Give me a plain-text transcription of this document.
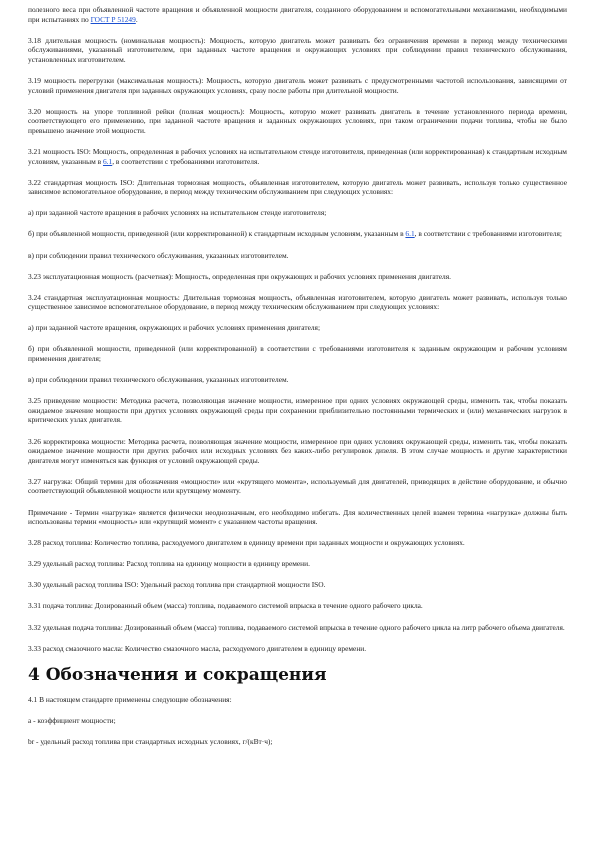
полезного веса при объявленной частоте вращения и объявленной мощности двигателя, созданного оборудованием и вспомогательными механизмами, необходимыми при испытаниях по ГОСТ Р 51249.

3.18 длительная мощность (номинальная мощность): Мощность, которую двигатель может развивать без ограничения времени в период между техническими обслуживаниями, указанный изготовителем, при заданных частоте вращения и окружающих условиях при соблюдении правил технического обслуживания, установленных изготовителем.

3.19 мощность перегрузки (максимальная мощность): Мощность, которую двигатель может развивать с предусмотренными частотой использования, зависящими от условий применения двигателя при заданных окружающих условиях, сразу после работы при длительной мощности.

3.20 мощность на упоре топливной рейки (полная мощность): Мощность, которую может развивать двигатель в течение установленного периода времени, соответствующего его применению, при заданной частоте вращения и заданных окружающих условиях, при таком ограничении подачи топлива, чтобы не было превышено значение этой мощности.

3.21 мощность ISO: Мощность, определенная в рабочих условиях на испытательном стенде изготовителя, приведенная (или корректированная) к стандартным исходным условиям, указанным в 6.1, в соответствии с требованиями изготовителя.

3.22 стандартная мощность ISO: Длительная тормозная мощность, объявленная изготовителем, которую двигатель может развивать, используя только существенное зависимое вспомогательное оборудование, в период между техническим обслуживанием при следующих условиях:

а) при заданной частоте вращения в рабочих условиях на испытательном стенде изготовителя;

б) при объявленной мощности, приведенной (или корректированной) к стандартным исходным условиям, указанным в 6.1, в соответствии с требованиями изготовителя;

в) при соблюдении правил технического обслуживания, указанных изготовителем.

3.23 эксплуатационная мощность (расчетная): Мощность, определенная при окружающих и рабочих условиях применения двигателя.

3.24 стандартная эксплуатационная мощность: Длительная тормозная мощность, объявленная изготовителем, которую двигатель может развивать, используя только существенное зависимое вспомогательное оборудование, в период между техническим обслуживанием при следующих условиях:

а) при заданной частоте вращения, окружающих и рабочих условиях применения двигателя;

б) при объявленной мощности, приведенной (или корректированной) в соответствии с требованиями изготовителя к заданным окружающим и рабочим условиям применения двигателя;

в) при соблюдении правил технического обслуживания, указанных изготовителем.

3.25 приведение мощности: Методика расчета, позволяющая значение мощности, измеренное при одних условиях окружающей среды, изменить так, чтобы показать ожидаемое значение мощности при других условиях окружающей среды при сохранении приблизительно постоянными термических и (или) механических нагрузок в критических узлах двигателя.

3.26 корректировка мощности: Методика расчета, позволяющая значение мощности, измеренное при одних условиях окружающей среды, изменить так, чтобы показать ожидаемое значение мощности при других рабочих или исходных условиях без каких-либо регулировок дизеля. В этом случае мощность и другие характеристики двигателя могут изменяться как функция от условий окружающей среды.

3.27 нагрузка: Общий термин для обозначения «мощности» или «крутящего момента», используемый для двигателей, приводящих в действие оборудование, и обычно соответствующий объявленной мощности или крутящему моменту.

Примечание - Термин «нагрузка» является физически неоднозначным, его необходимо избегать. Для количественных целей взамен термина «нагрузка» должны быть использованы термин «мощность» или «крутящий момент» с указанием частоты вращения.

3.28 расход топлива: Количество топлива, расходуемого двигателем в единицу времени при заданных мощности и окружающих условиях.

3.29 удельный расход топлива: Расход топлива на единицу мощности в единицу времени.

3.30 удельный расход топлива ISO: Удельный расход топлива при стандартной мощности ISO.

3.31 подача топлива: Дозированный объем (масса) топлива, подаваемого системой впрыска в течение одного рабочего цикла.

3.32 удельная подача топлива: Дозированный объем (масса) топлива, подаваемого системой впрыска в течение одного рабочего цикла на литр рабочего объема двигателя.

3.33 расход смазочного масла: Количество смазочного масла, расходуемого двигателем в единицу времени.

4 Обозначения и сокращения

4.1 В настоящем стандарте применены следующие обозначения:

a - коэффициент мощности;

br - удельный расход топлива при стандартных исходных условиях, г/(кВт·ч);
